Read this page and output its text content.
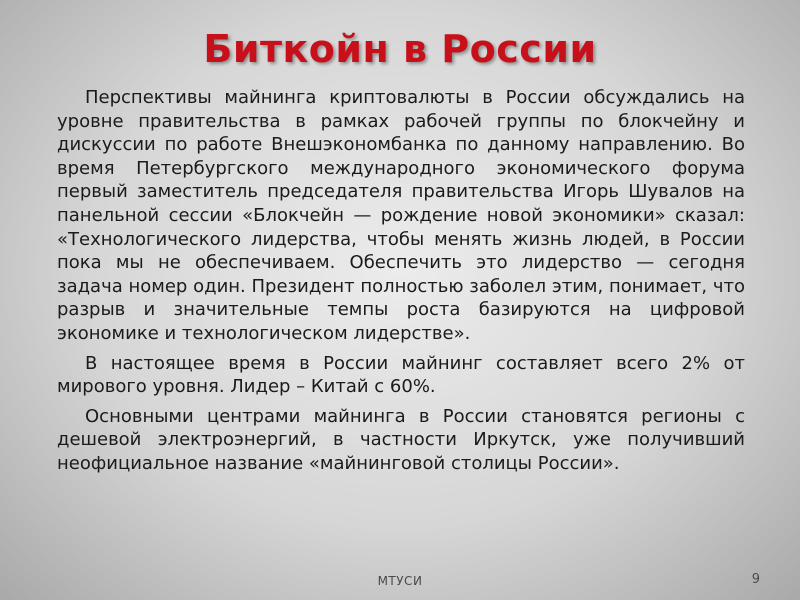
Биткойн в России

Перспективы майнинга криптовалюты в России обсуждались на уровне правительства в рамках рабочей группы по блокчейну и дискуссии по работе Внешэкономбанка по данному направлению. Во время Петербургского международного экономического форума первый заместитель председателя правительства Игорь Шувалов на панельной сессии «Блокчейн — рождение новой экономики» сказал: «Технологического лидерства, чтобы менять жизнь людей, в России пока мы не обеспечиваем. Обеспечить это лидерство — сегодня задача номер один. Президент полностью заболел этим, понимает, что разрыв и значительные темпы роста базируются на цифровой экономике и технологическом лидерстве».

В настоящее время в России майнинг составляет всего 2% от мирового уровня. Лидер – Китай с 60%.

Основными центрами майнинга в России становятся регионы с дешевой электроэнергий, в частности Иркутск, уже получивший неофициальное название «майнинговой столицы России».

МТУСИ	9
